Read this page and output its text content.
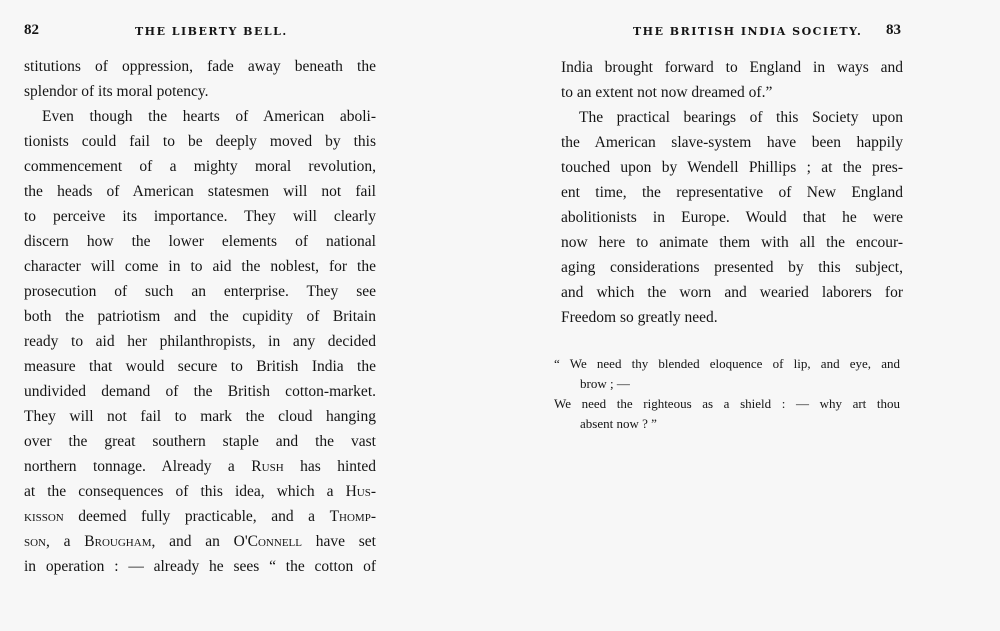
82	THE LIBERTY BELL.
stitutions of oppression, fade away beneath the
splendor of its moral potency.
Even though the hearts of American aboli-
tionists could fail to be deeply moved by this
commencement of a mighty moral revolution,
the heads of American statesmen will not fail
to perceive its importance. They will clearly
discern how the lower elements of national
character will come in to aid the noblest, for the
prosecution of such an enterprise. They see
both the patriotism and the cupidity of Britain
ready to aid her philanthropists, in any decided
measure that would secure to British India the
undivided demand of the British cotton-market.
They will not fail to mark the cloud hanging
over the great southern staple and the vast
northern tonnage. Already a Rush has hinted
at the consequences of this idea, which a Hus-
kisson deemed fully practicable, and a Thomp-
son, a Brougham, and an O'Connell have set
in operation : — already he sees “ the cotton of
THE BRITISH INDIA SOCIETY. 83
India brought forward to England in ways and
to an extent not now dreamed of.”
The practical bearings of this Society upon
the American slave-system have been happily
touched upon by Wendell Phillips ; at the pres-
ent time, the representative of New England
abolitionists in Europe. Would that he were
now here to animate them with all the encour-
aging considerations presented by this subject,
and which the worn and wearied laborers for
Freedom so greatly need.
“ We need thy blended eloquence of lip, and eye, and
brow ; —
We need the righteous as a shield : — why art thou
absent now ? ”
